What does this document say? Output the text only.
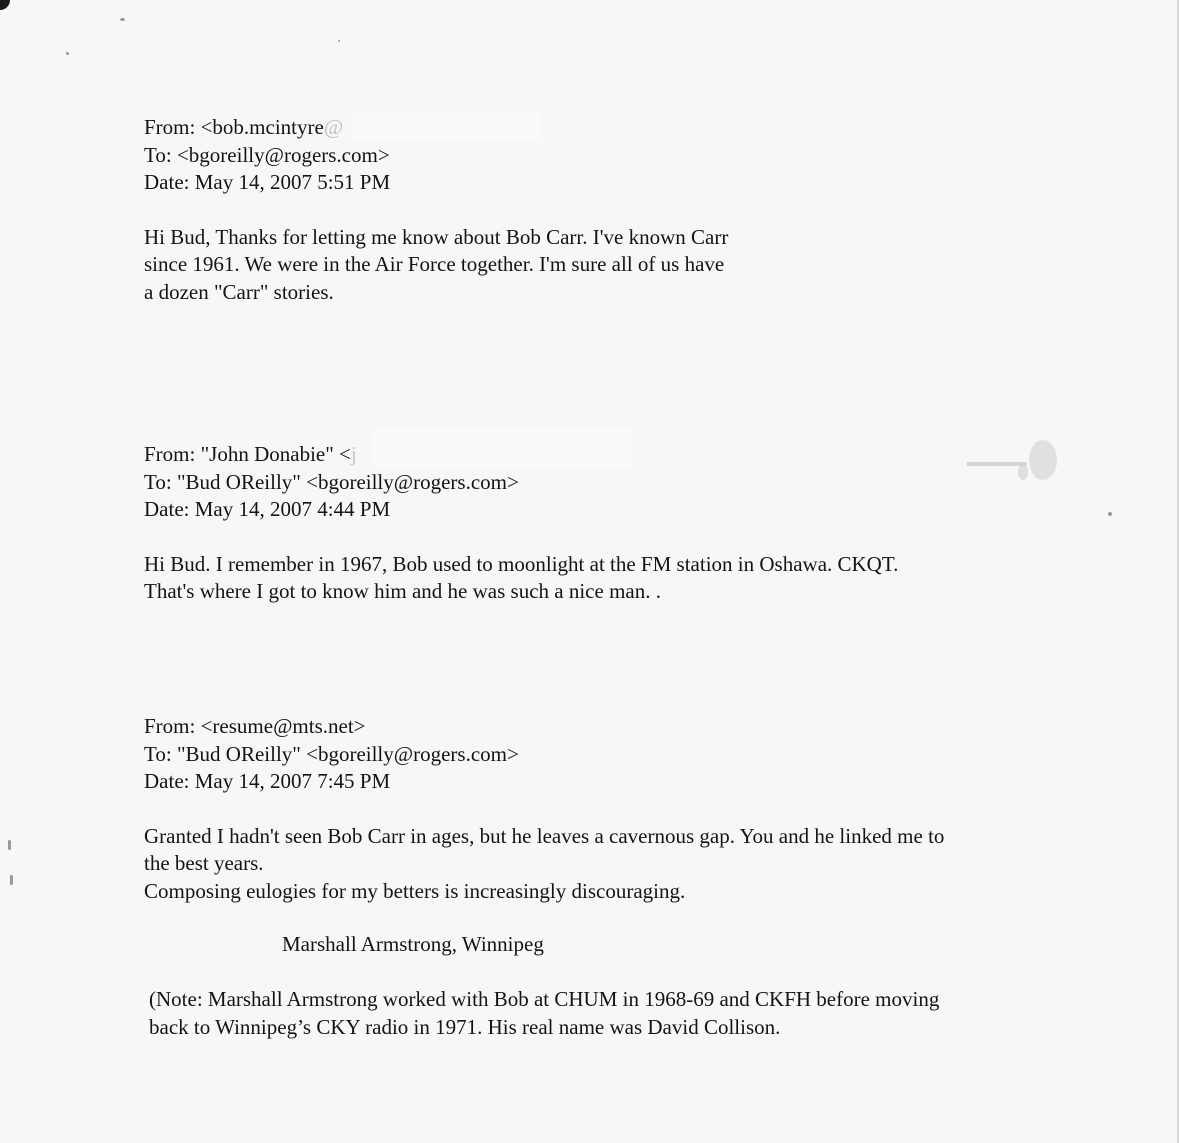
From: <bob.mcintyre@
To: <bgoreilly@rogers.com>
Date: May 14, 2007 5:51 PM
Hi Bud, Thanks for letting me know about Bob Carr. I've known Carr
since 1961. We were in the Air Force together. I'm sure all of us have
a dozen "Carr" stories.
From: "John Donabie" <j
To: "Bud OReilly" <bgoreilly@rogers.com>
Date: May 14, 2007 4:44 PM
Hi Bud. I remember in 1967, Bob used to moonlight at the FM station in Oshawa. CKQT.
That's where I got to know him and he was such a nice man. .
From: <resume@mts.net>
To: "Bud OReilly" <bgoreilly@rogers.com>
Date: May 14, 2007 7:45 PM
Granted I hadn't seen Bob Carr in ages, but he leaves a cavernous gap. You and he linked me to
the best years.
Composing eulogies for my betters is increasingly discouraging.
Marshall Armstrong, Winnipeg
(Note: Marshall Armstrong worked with Bob at CHUM in 1968-69 and CKFH before moving
back to Winnipeg’s CKY radio in 1971. His real name was David Collison.
